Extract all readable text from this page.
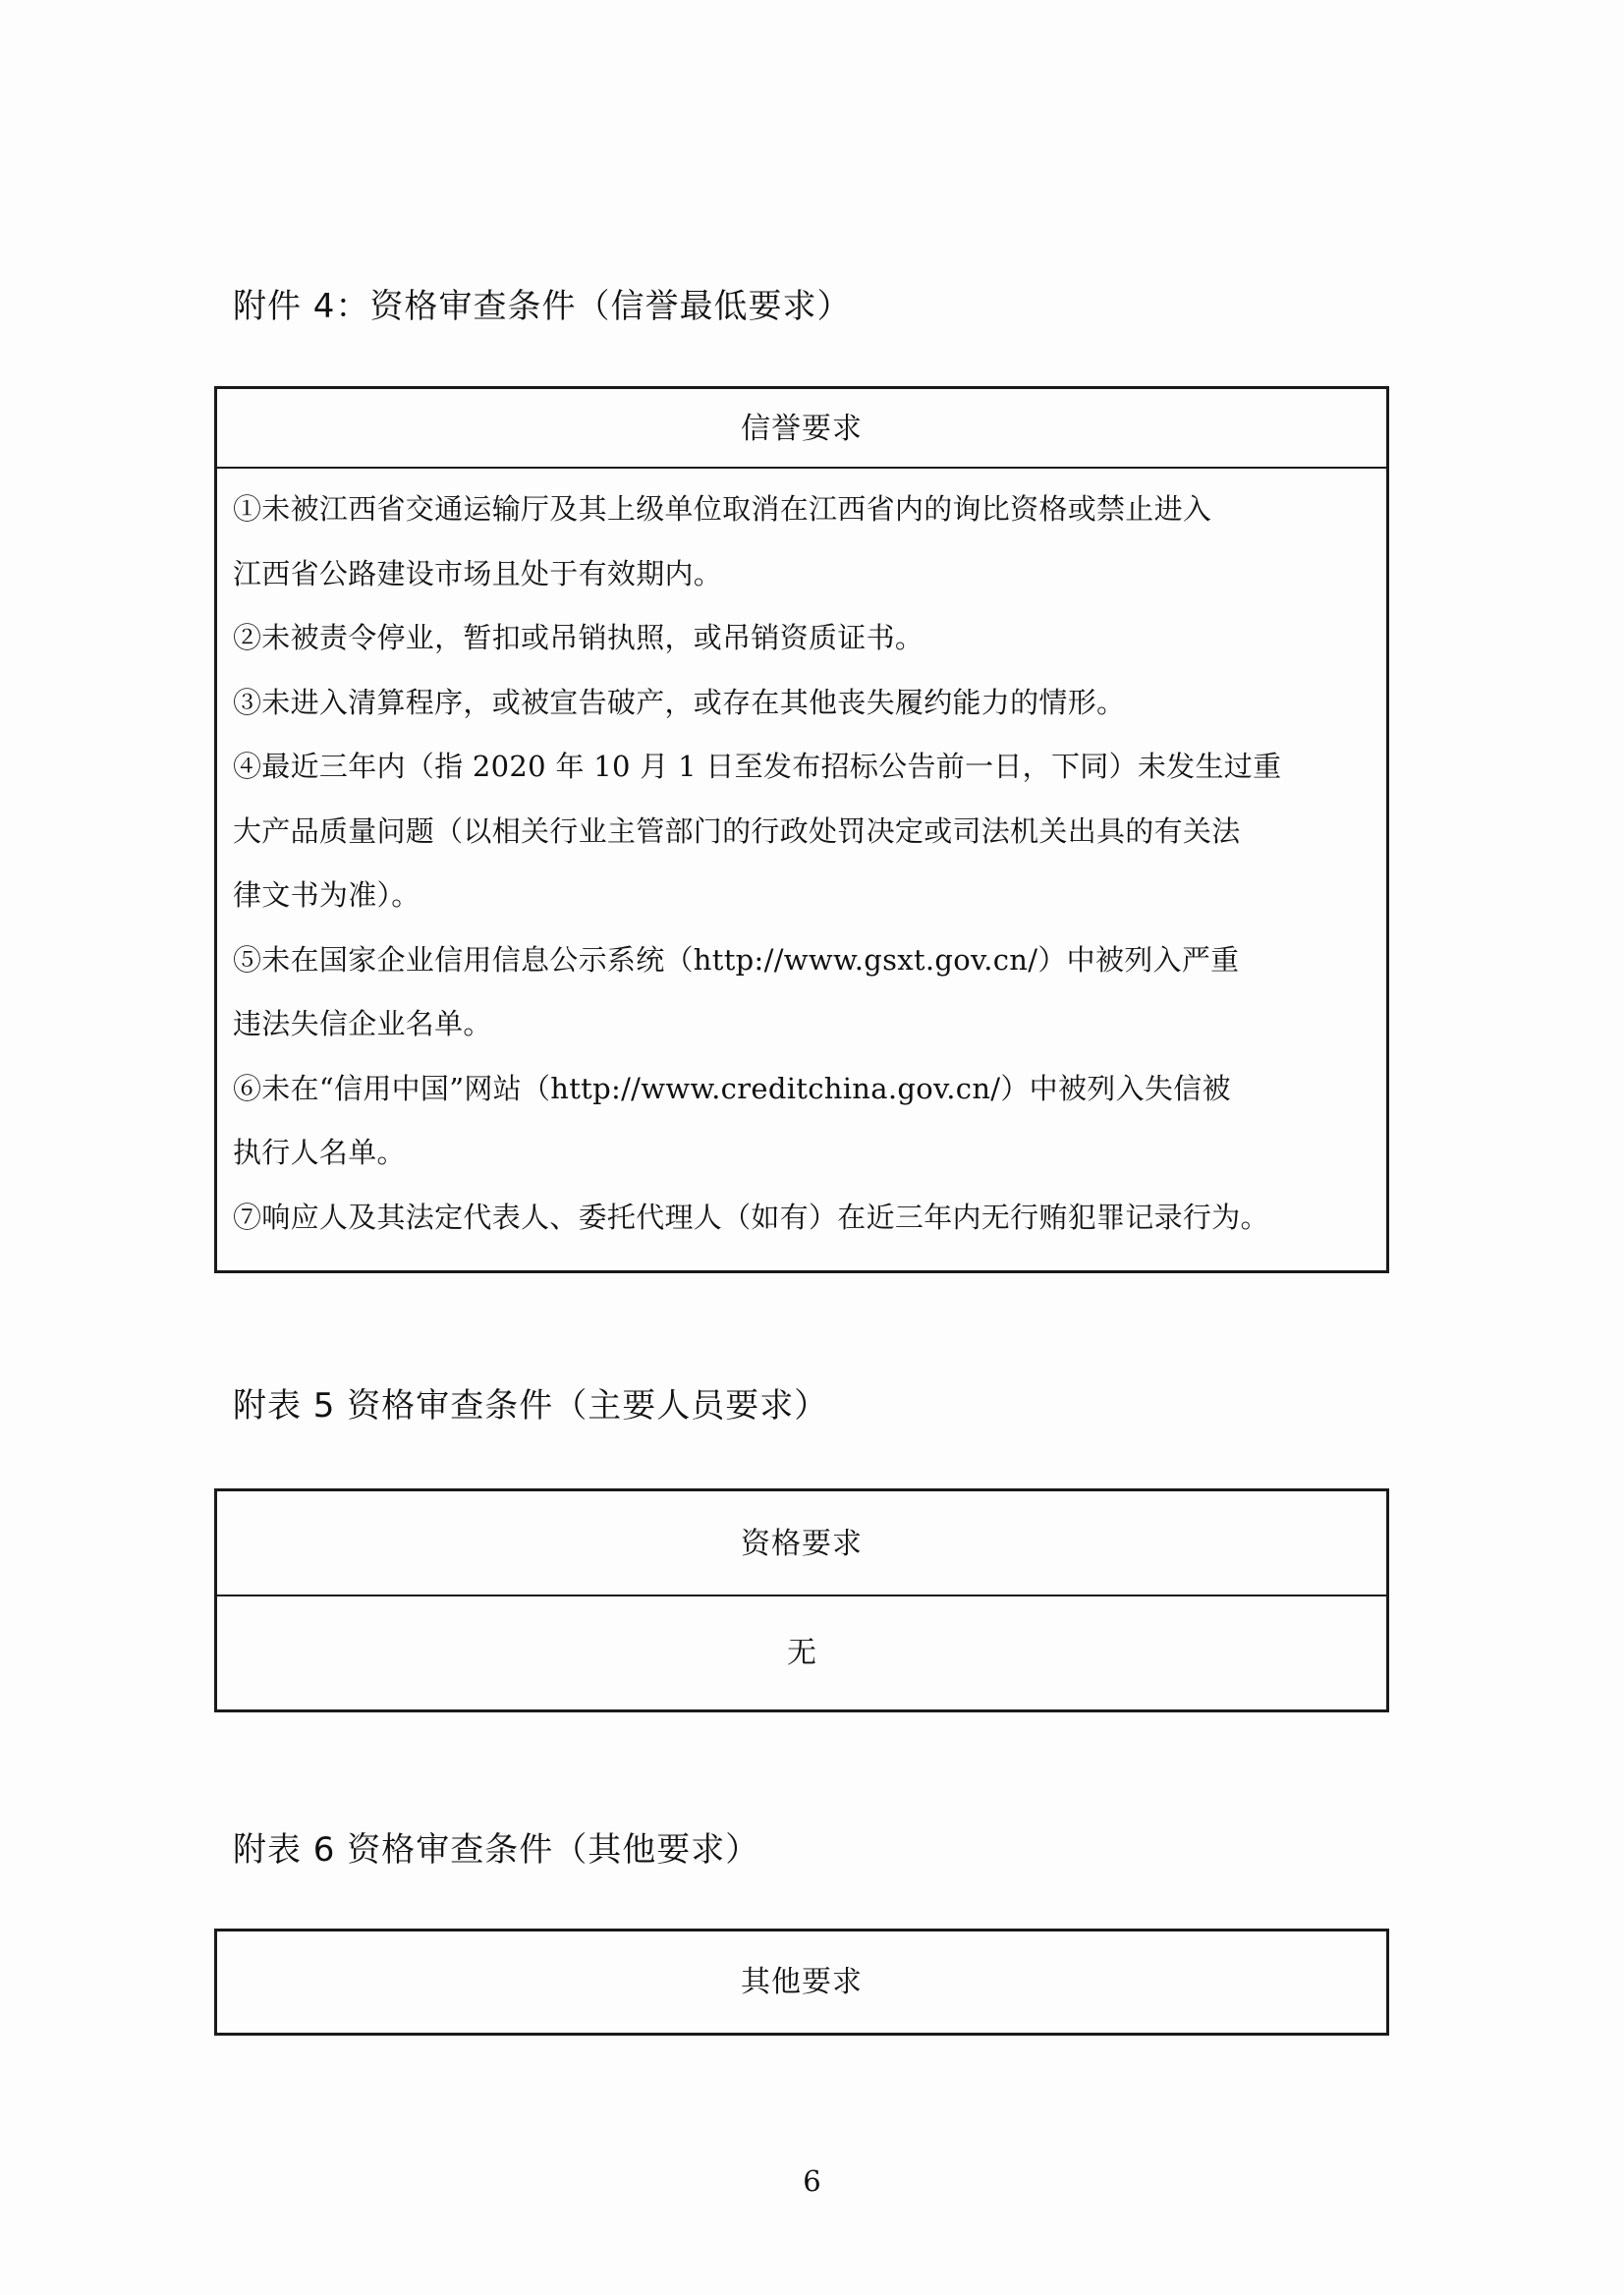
附件 4：资格审查条件（信誉最低要求）
信誉要求
①未被江西省交通运输厅及其上级单位取消在江西省内的询比资格或禁止进入
江西省公路建设市场且处于有效期内。
②未被责令停业，暂扣或吊销执照，或吊销资质证书。
③未进入清算程序，或被宣告破产，或存在其他丧失履约能力的情形。
④最近三年内（指 2020 年 10 月 1 日至发布招标公告前一日，下同）未发生过重
大产品质量问题（以相关行业主管部门的行政处罚决定或司法机关出具的有关法
律文书为准）。
⑤未在国家企业信用信息公示系统（http://www.gsxt.gov.cn/）中被列入严重
违法失信企业名单。
⑥未在“信用中国”网站（http://www.creditchina.gov.cn/）中被列入失信被
执行人名单。
⑦响应人及其法定代表人、委托代理人（如有）在近三年内无行贿犯罪记录行为。
附表 5 资格审查条件（主要人员要求）
资格要求
无
附表 6 资格审查条件（其他要求）
其他要求
6
